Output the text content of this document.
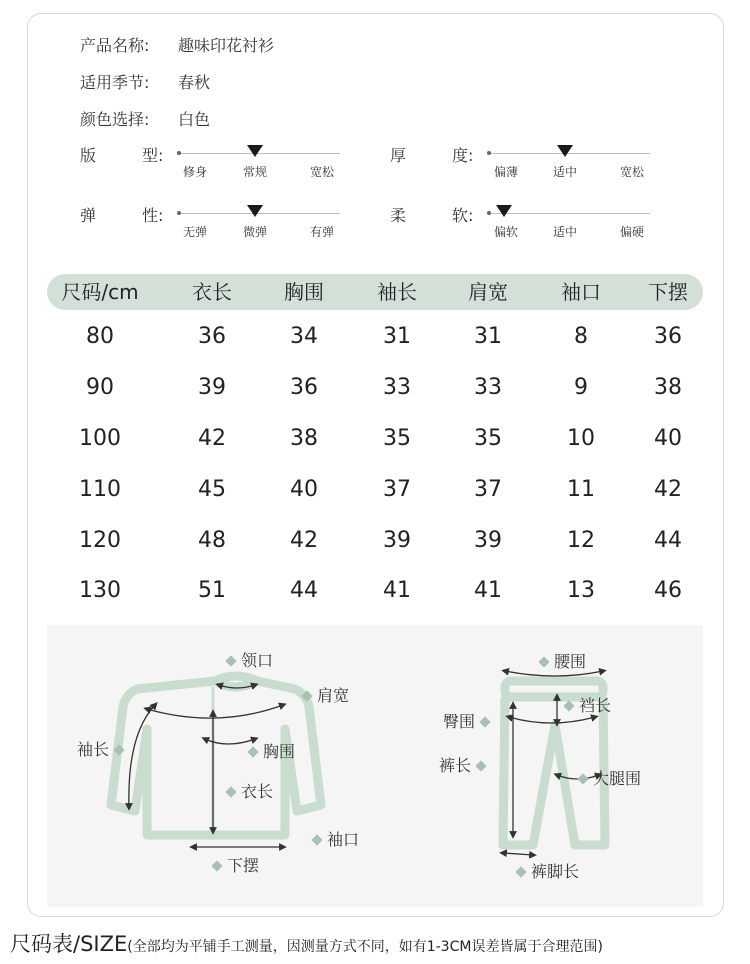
产品名称: 趣味印花衬衫
适用季节: 春秋
颜色选择: 白色
版	型:
修身	常规	宽松
厚	度:
偏薄	适中	宽松
弹	性:
无弹	微弹	有弹
柔	软:
偏软	适中	偏硬
尺码/cm	衣长	胸围	袖长	肩宽	袖口 下摆
80	36	34	31	31	8	36
90	39	36	33	33	9	38
100	42	38	35	35	10	40
110	45	40	37	37	11	42
120	48	42	39	39	12	44
130	51	44	41	41	13	46
领口
肩宽
袖长	胸围
衣长
袖口
下摆
腰围
裆长
臀围
裤长
大腿围
裤脚长
尺码表/SIZE(全部均为平铺手工测量，因测量方式不同，如有1-3CM误差皆属于合理范围)
